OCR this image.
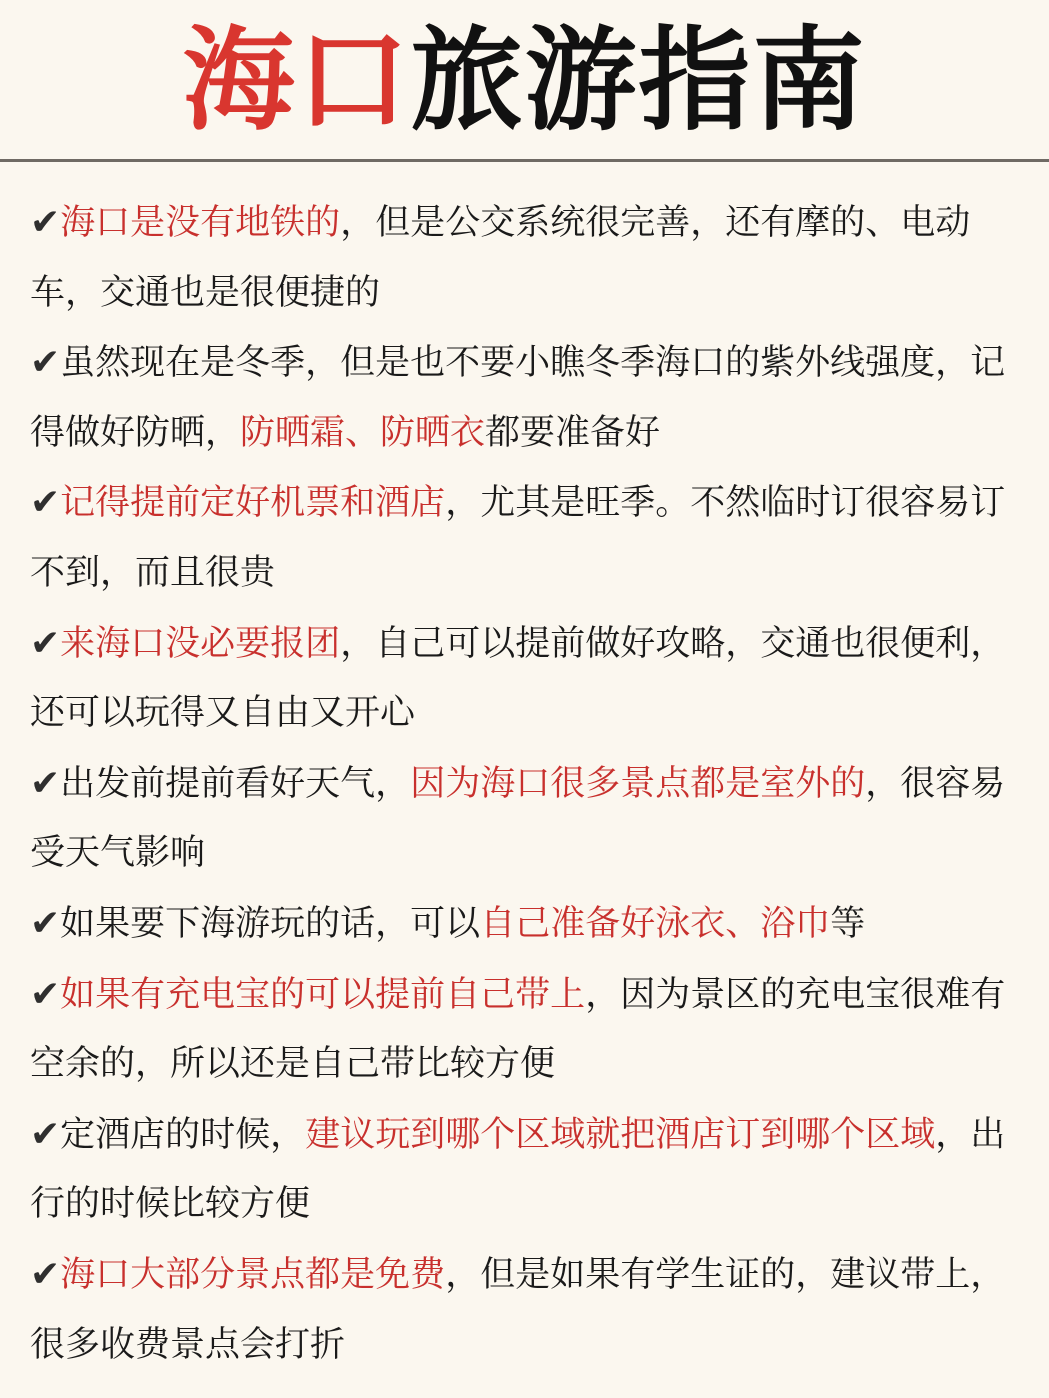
海口旅游指南

✔海口是没有地铁的，但是公交系统很完善，还有摩的、电动车，交通也是很便捷的

✔虽然现在是冬季，但是也不要小瞧冬季海口的紫外线强度，记得做好防晒，防晒霜、防晒衣都要准备好

✔记得提前定好机票和酒店，尤其是旺季。不然临时订很容易订不到，而且很贵

✔来海口没必要报团，自己可以提前做好攻略，交通也很便利，还可以玩得又自由又开心

✔出发前提前看好天气，因为海口很多景点都是室外的，很容易受天气影响

✔如果要下海游玩的话，可以自己准备好泳衣、浴巾等

✔如果有充电宝的可以提前自己带上，因为景区的充电宝很难有空余的，所以还是自己带比较方便

✔定酒店的时候，建议玩到哪个区域就把酒店订到哪个区域，出行的时候比较方便

✔海口大部分景点都是免费，但是如果有学生证的，建议带上，很多收费景点会打折
